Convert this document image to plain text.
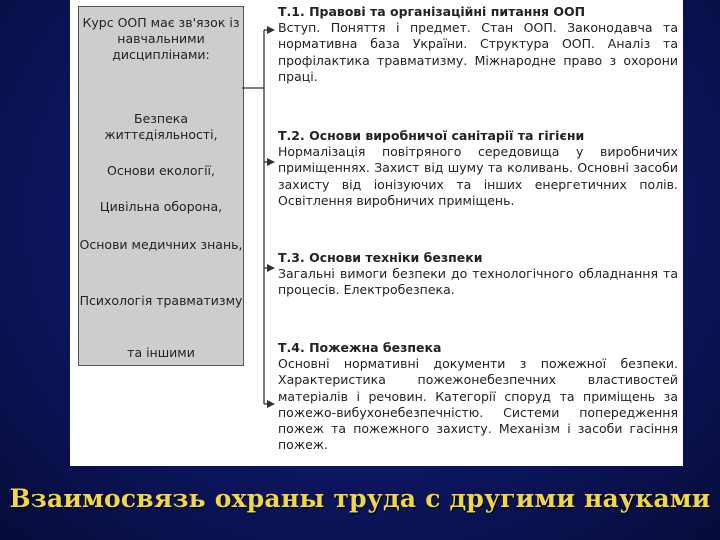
Курс ООП має зв'язок із навчальними дисциплінами:
Безпека життєдіяльності,
Основи екології,
Цивільна оборона,
Основи медичних знань,
Психологія травматизму
та іншими
Т.1. Правові та організаційні питання ООП
Вступ. Поняття і предмет. Стан ООП. Законодавча та нормативна база України. Структура ООП. Аналіз та профілактика травматизму. Міжнародне право з охорони праці.
Т.2. Основи виробничої санітарії та гігієни
Нормалізація повітряного середовища у виробничих приміщеннях. Захист від шуму та коливань. Основні засоби захисту від іонізуючих та інших енергетичних полів. Освітлення виробничих приміщень.
Т.3. Основи техніки безпеки
Загальні вимоги безпеки до технологічного обладнання та процесів. Електробезпека.
Т.4. Пожежна безпека
Основні нормативні документи з пожежної безпеки. Характеристика пожежонебезпечних властивостей матеріалів і речовин. Категорії споруд та приміщень за пожежо-вибухонебезпечністю. Системи попередження пожеж та пожежного захисту. Механізм і засоби гасіння пожеж.
Взаимосвязь охраны труда с другими науками
